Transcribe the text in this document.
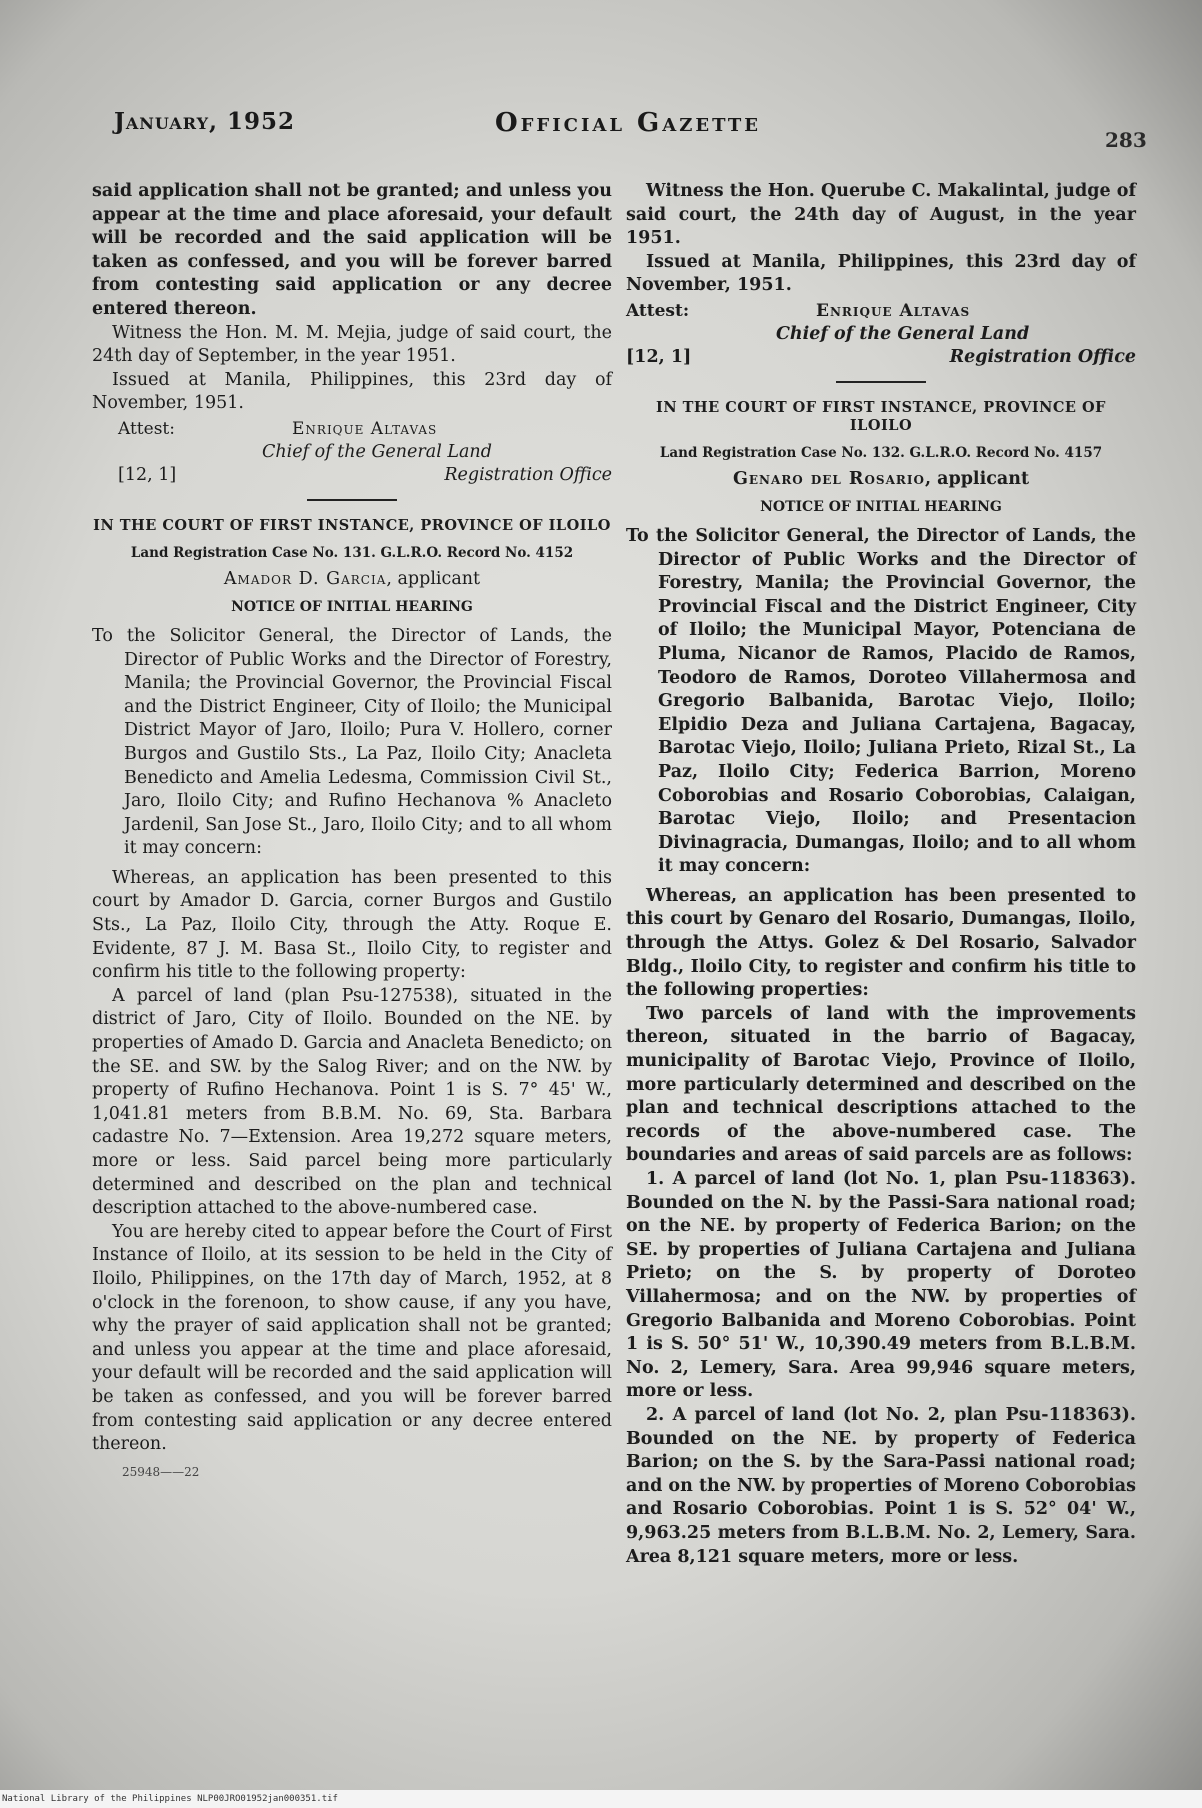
January, 1952	Official Gazette
283

said application shall not be granted; and unless you appear at the time and place aforesaid, your default will be recorded and the said application will be taken as confessed, and you will be forever barred from contesting said application or any decree entered thereon.

Witness the Hon. M. M. Mejia, judge of said court, the 24th day of September, in the year 1951.

Issued at Manila, Philippines, this 23rd day of November, 1951.

Attest:	Enrique Altavas
Chief of the General Land
[12, 1]	Registration Office
IN THE COURT OF FIRST INSTANCE, PROVINCE OF ILOILO
Land Registration Case No. 131. G.L.R.O. Record No. 4152
Amador D. Garcia, applicant
NOTICE OF INITIAL HEARING

To the Solicitor General, the Director of Lands, the Director of Public Works and the Director of Forestry, Manila; the Provincial Governor, the Provincial Fiscal and the District Engineer, City of Iloilo; the Municipal District Mayor of Jaro, Iloilo; Pura V. Hollero, corner Burgos and Gustilo Sts., La Paz, Iloilo City; Anacleta Benedicto and Amelia Ledesma, Commission Civil St., Jaro, Iloilo City; and Rufino Hechanova % Anacleto Jardenil, San Jose St., Jaro, Iloilo City; and to all whom it may concern:

Whereas, an application has been presented to this court by Amador D. Garcia, corner Burgos and Gustilo Sts., La Paz, Iloilo City, through the Atty. Roque E. Evidente, 87 J. M. Basa St., Iloilo City, to register and confirm his title to the following property:

A parcel of land (plan Psu-127538), situated in the district of Jaro, City of Iloilo. Bounded on the NE. by properties of Amado D. Garcia and Anacleta Benedicto; on the SE. and SW. by the Salog River; and on the NW. by property of Rufino Hechanova. Point 1 is S. 7° 45' W., 1,041.81 meters from B.B.M. No. 69, Sta. Barbara cadastre No. 7—Extension. Area 19,272 square meters, more or less. Said parcel being more particularly determined and described on the plan and technical description attached to the above-numbered case.

You are hereby cited to appear before the Court of First Instance of Iloilo, at its session to be held in the City of Iloilo, Philippines, on the 17th day of March, 1952, at 8 o'clock in the forenoon, to show cause, if any you have, why the prayer of said application shall not be granted; and unless you appear at the time and place aforesaid, your default will be recorded and the said application will be taken as confessed, and you will be forever barred from contesting said application or any decree entered thereon.

25948——22

Witness the Hon. Querube C. Makalintal, judge of said court, the 24th day of August, in the year 1951.

Issued at Manila, Philippines, this 23rd day of November, 1951.

Attest:	Enrique Altavas
Chief of the General Land
[12, 1]	Registration Office
IN THE COURT OF FIRST INSTANCE, PROVINCE OF ILOILO
Land Registration Case No. 132. G.L.R.O. Record No. 4157
Genaro del Rosario, applicant
NOTICE OF INITIAL HEARING

To the Solicitor General, the Director of Lands, the Director of Public Works and the Director of Forestry, Manila; the Provincial Governor, the Provincial Fiscal and the District Engineer, City of Iloilo; the Municipal Mayor, Potenciana de Pluma, Nicanor de Ramos, Placido de Ramos, Teodoro de Ramos, Doroteo Villahermosa and Gregorio Balbanida, Barotac Viejo, Iloilo; Elpidio Deza and Juliana Cartajena, Bagacay, Barotac Viejo, Iloilo; Juliana Prieto, Rizal St., La Paz, Iloilo City; Federica Barrion, Moreno Coborobias and Rosario Coborobias, Calaigan, Barotac Viejo, Iloilo; and Presentacion Divinagracia, Dumangas, Iloilo; and to all whom it may concern:

Whereas, an application has been presented to this court by Genaro del Rosario, Dumangas, Iloilo, through the Attys. Golez & Del Rosario, Salvador Bldg., Iloilo City, to register and confirm his title to the following properties:

Two parcels of land with the improvements thereon, situated in the barrio of Bagacay, municipality of Barotac Viejo, Province of Iloilo, more particularly determined and described on the plan and technical descriptions attached to the records of the above-numbered case. The boundaries and areas of said parcels are as follows:

1. A parcel of land (lot No. 1, plan Psu-118363). Bounded on the N. by the Passi-Sara national road; on the NE. by property of Federica Barion; on the SE. by properties of Juliana Cartajena and Juliana Prieto; on the S. by property of Doroteo Villahermosa; and on the NW. by properties of Gregorio Balbanida and Moreno Coborobias. Point 1 is S. 50° 51' W., 10,390.49 meters from B.L.B.M. No. 2, Lemery, Sara. Area 99,946 square meters, more or less.

2. A parcel of land (lot No. 2, plan Psu-118363). Bounded on the NE. by property of Federica Barion; on the S. by the Sara-Passi national road; and on the NW. by properties of Moreno Coborobias and Rosario Coborobias. Point 1 is S. 52° 04' W., 9,963.25 meters from B.L.B.M. No. 2, Lemery, Sara. Area 8,121 square meters, more or less.

National Library of the Philippines NLP00JRO01952jan000351.tif
